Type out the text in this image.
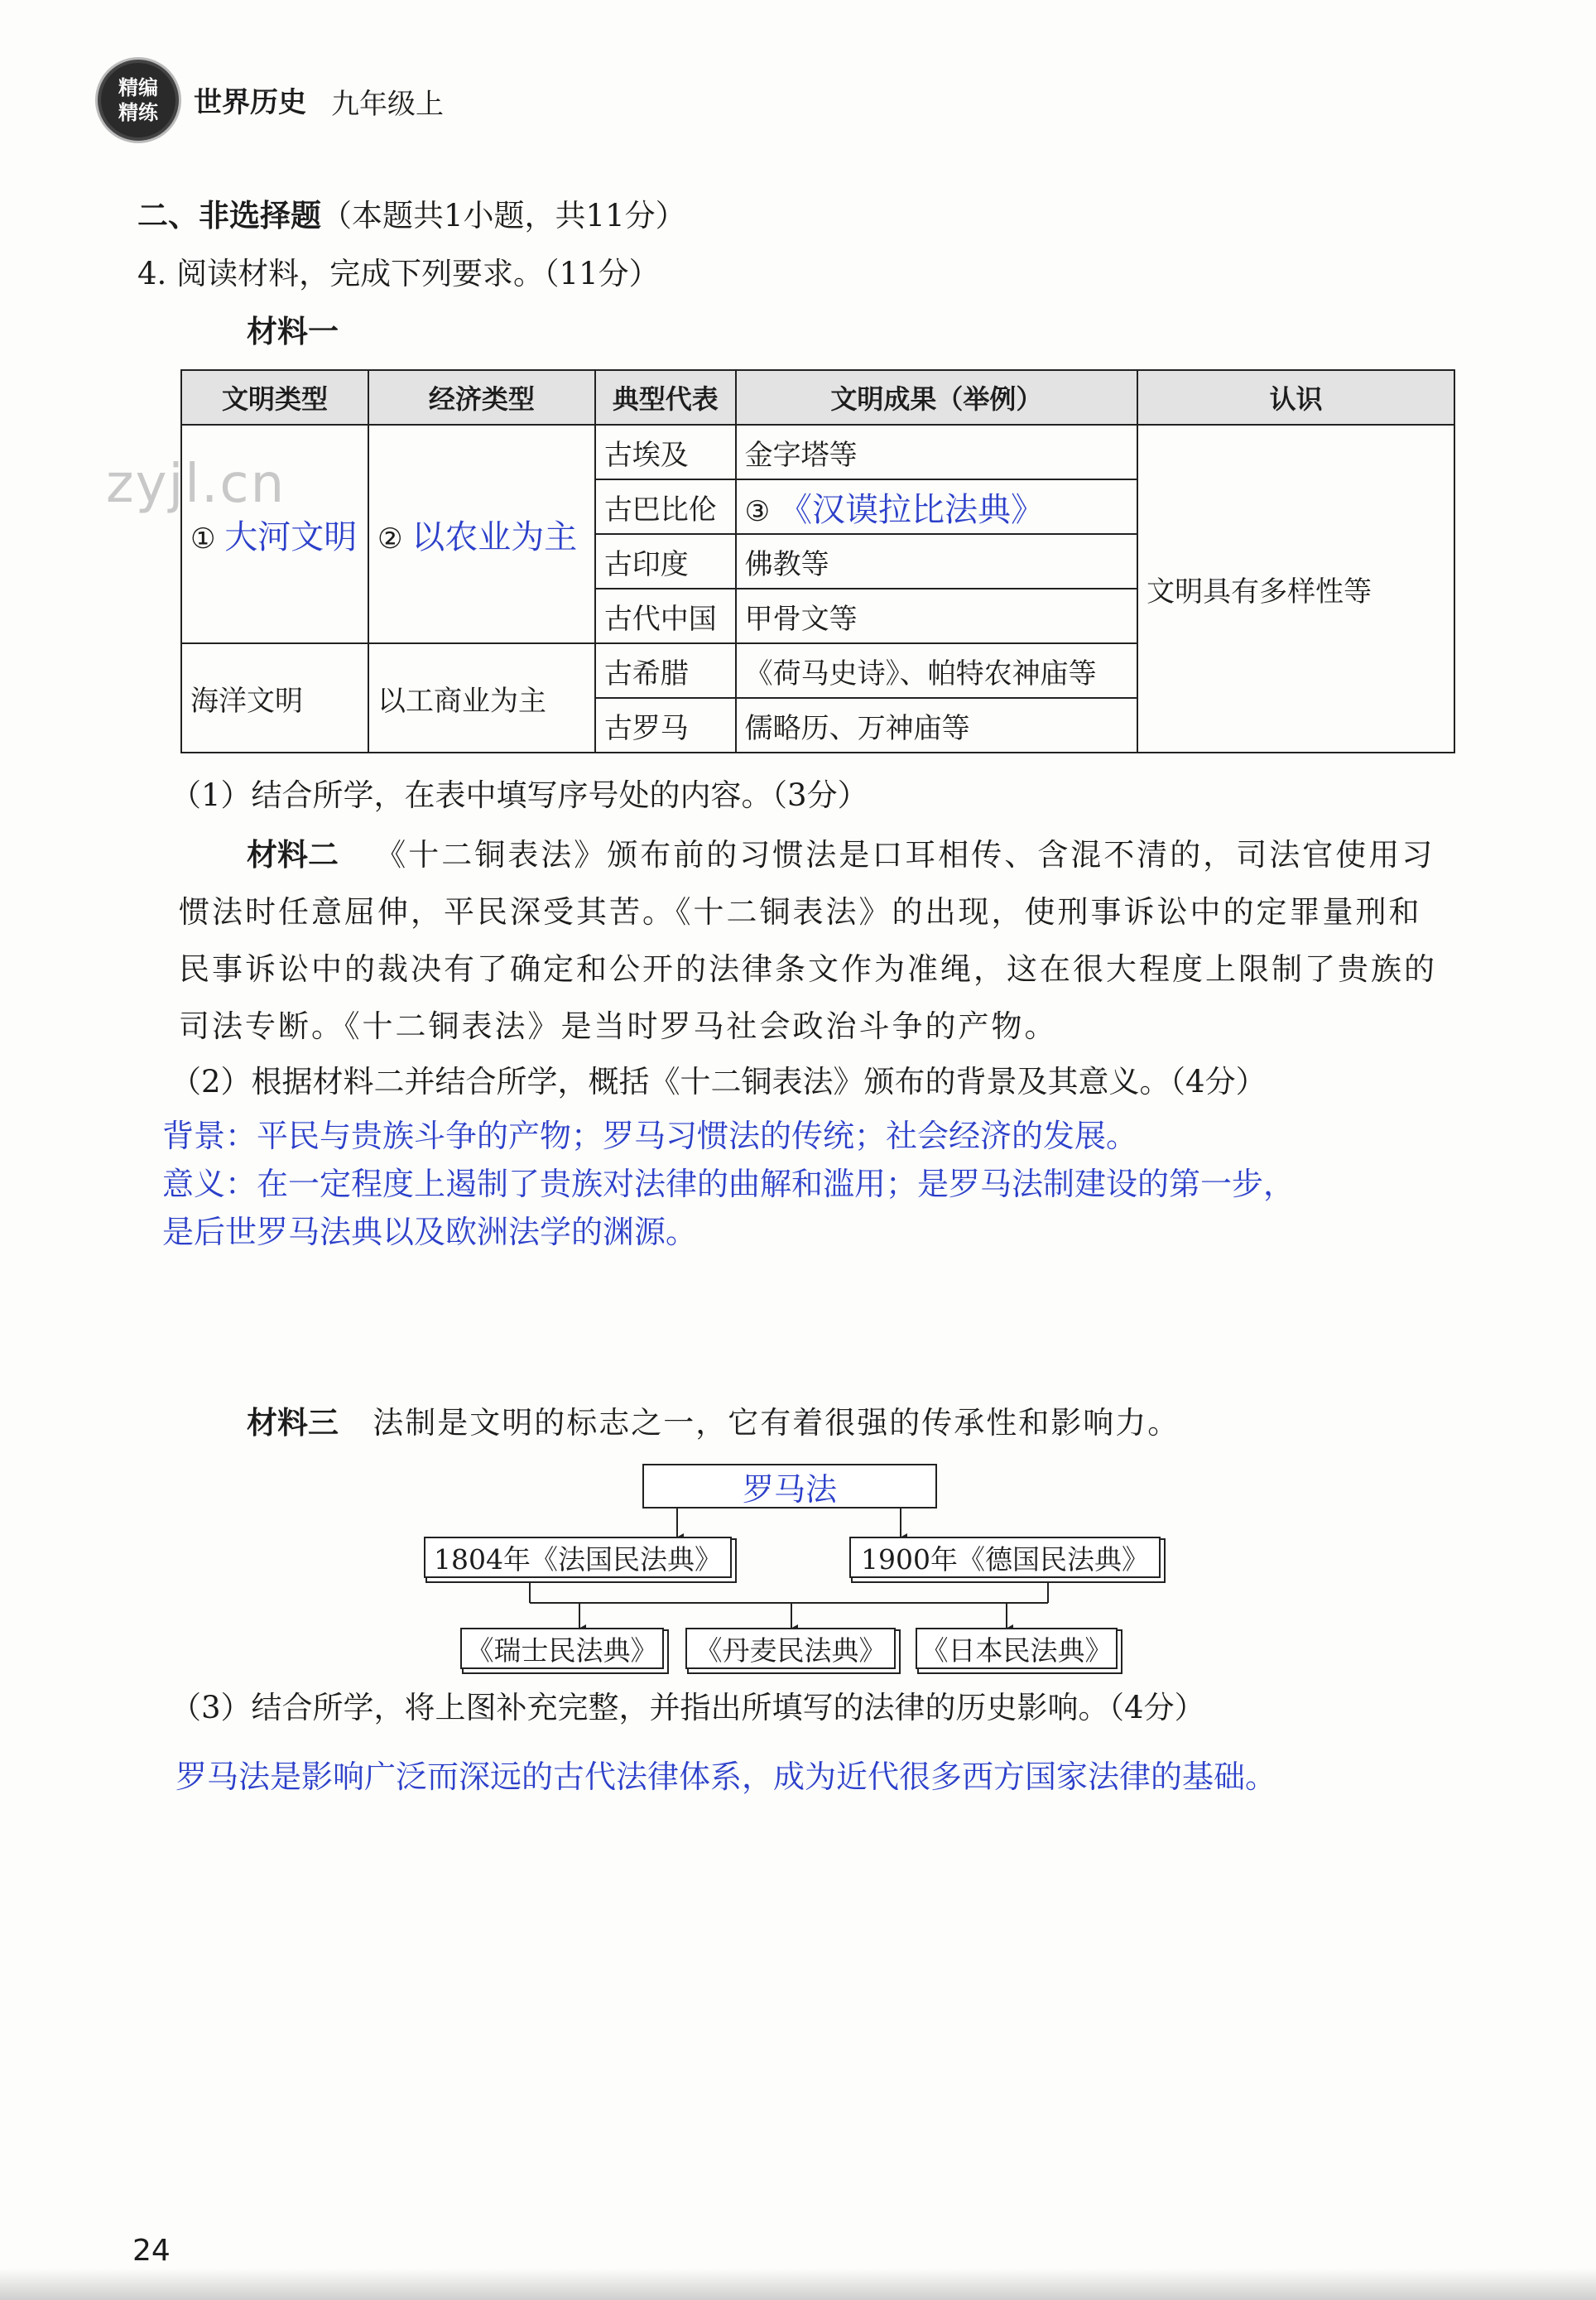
精编
精练 世界历史 九年级上
二、非选择题（本题共1小题，共11分）
4. 阅读材料，完成下列要求。（11分）
材料一
zyjl.cn
文明类型	经济类型	典型代表	文明成果（举例）	认识
① 大河文明	② 以农业为主	古埃及	金字塔等	文明具有多样性等
		古巴比伦	③ 《汉谟拉比法典》	
		古印度	佛教等	
		古代中国	甲骨文等	
海洋文明	以工商业为主	古希腊	《荷马史诗》、帕特农神庙等	
		古罗马	儒略历、万神庙等	
（1）结合所学，在表中填写序号处的内容。（3分）
材料二 《十二铜表法》颁布前的习惯法是口耳相传、含混不清的，司法官使用习
惯法时任意屈伸，平民深受其苦。《十二铜表法》的出现，使刑事诉讼中的定罪量刑和
民事诉讼中的裁决有了确定和公开的法律条文作为准绳，这在很大程度上限制了贵族的
司法专断。《十二铜表法》是当时罗马社会政治斗争的产物。
（2）根据材料二并结合所学，概括《十二铜表法》颁布的背景及其意义。（4分）
背景：平民与贵族斗争的产物；罗马习惯法的传统；社会经济的发展。
意义：在一定程度上遏制了贵族对法律的曲解和滥用；是罗马法制建设的第一步，
是后世罗马法典以及欧洲法学的渊源。
材料三 法制是文明的标志之一，它有着很强的传承性和影响力。
罗马法
1804年《法国民法典》	1900年《德国民法典》
《瑞士民法典》	《丹麦民法典》	《日本民法典》
（3）结合所学，将上图补充完整，并指出所填写的法律的历史影响。（4分）
罗马法是影响广泛而深远的古代法律体系，成为近代很多西方国家法律的基础。
24
